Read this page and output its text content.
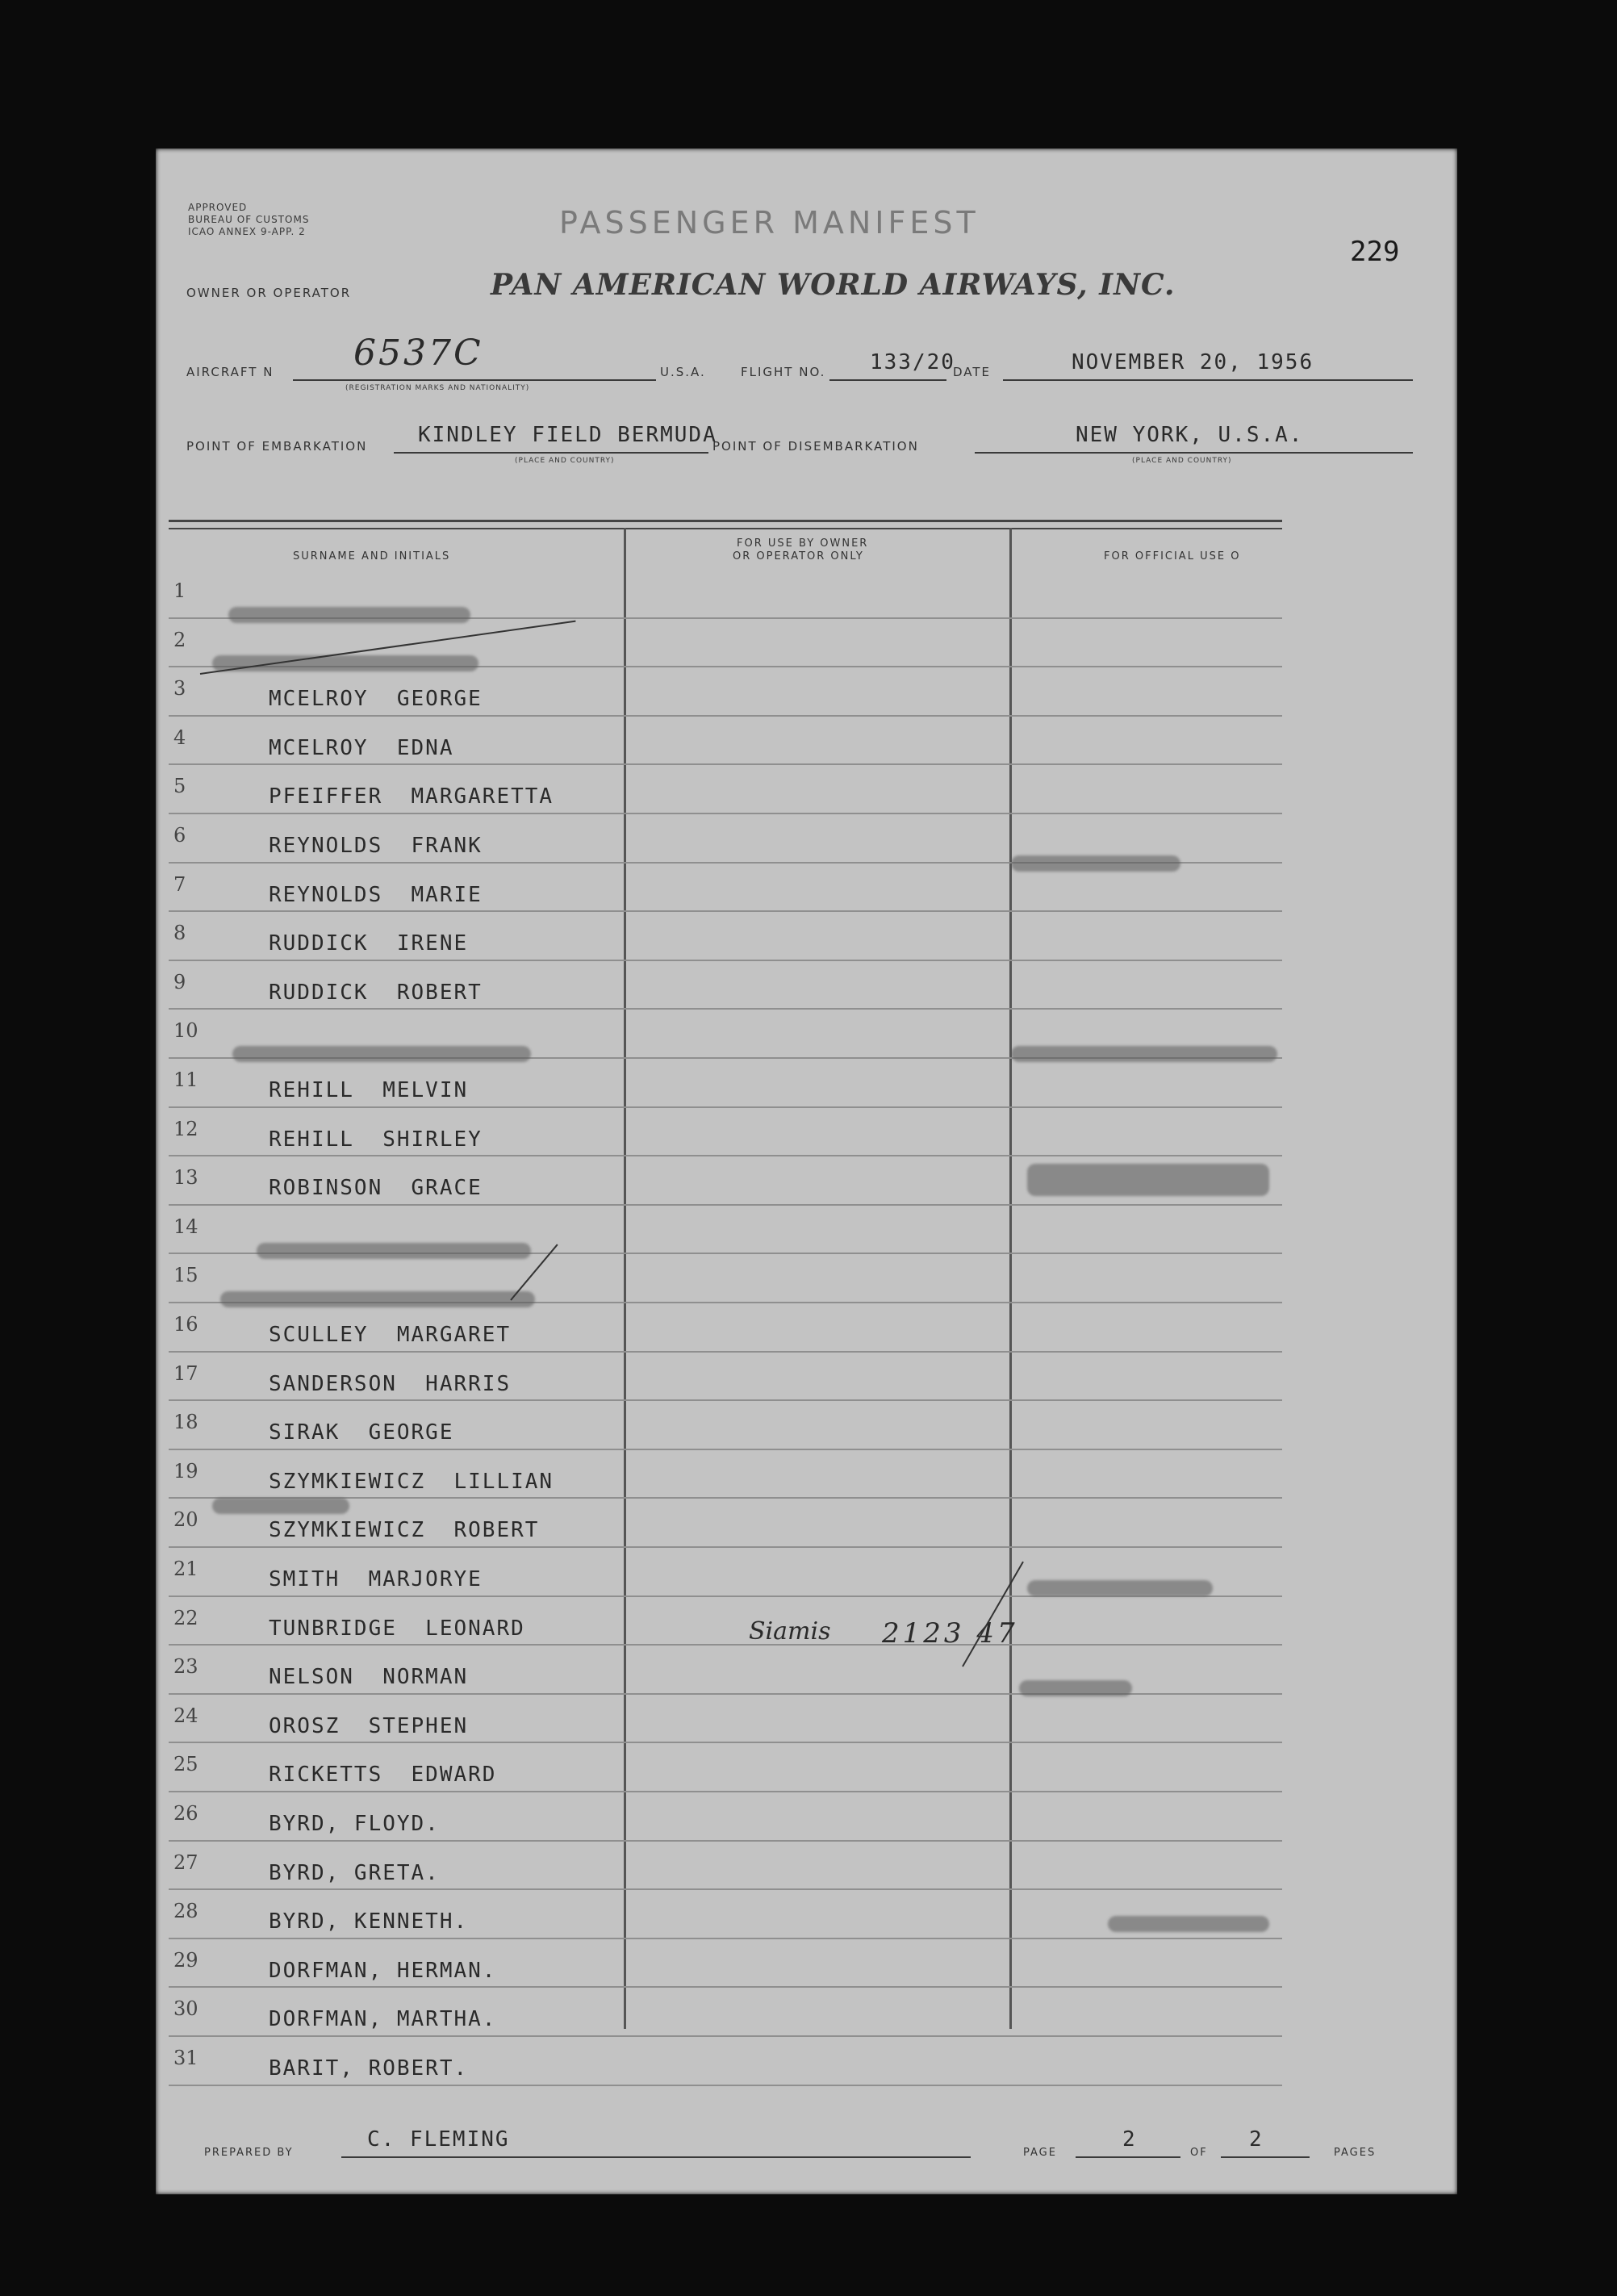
APPROVED
BUREAU OF CUSTOMS
ICAO ANNEX 9-APP. 2	PASSENGER MANIFEST
229
OWNER OR OPERATOR	PAN AMERICAN WORLD AIRWAYS, INC.
AIRCRAFT N 6537C
(REGISTRATION MARKS AND NATIONALITY)
U.S.A.	FLIGHT NO. 133/20
DATE	NOVEMBER 20, 1956
POINT OF EMBARKATION KINDLEY FIELD BERMUDA
(PLACE AND COUNTRY)
POINT OF DISEMBARKATION	NEW YORK, U.S.A.
(PLACE AND COUNTRY)
SURNAME AND INITIALS
FOR USE BY OWNER
OR OPERATOR ONLY	FOR OFFICIAL USE O
1
2
3	MCELROY  GEORGE
4	MCELROY  EDNA
5	PFEIFFER  MARGARETTA
6	REYNOLDS  FRANK
7	REYNOLDS  MARIE
8	RUDDICK  IRENE
9	RUDDICK  ROBERT
10
11	REHILL  MELVIN
12	REHILL  SHIRLEY
13	ROBINSON  GRACE
14
15
16	SCULLEY  MARGARET
17	SANDERSON  HARRIS
18	SIRAK  GEORGE
19	SZYMKIEWICZ  LILLIAN
20	SZYMKIEWICZ  ROBERT
21	SMITH  MARJORYE
22	TUNBRIDGE  LEONARD
23	NELSON  NORMAN
24	OROSZ  STEPHEN
25	RICKETTS  EDWARD
26	BYRD, FLOYD.
27	BYRD, GRETA.
28	BYRD, KENNETH.
29	DORFMAN, HERMAN.
30	DORFMAN, MARTHA.
31	BARIT, ROBERT.
Siamis 2123 47
PREPARED BY
C. FLEMING
PAGE
2
OF
2
PAGES
